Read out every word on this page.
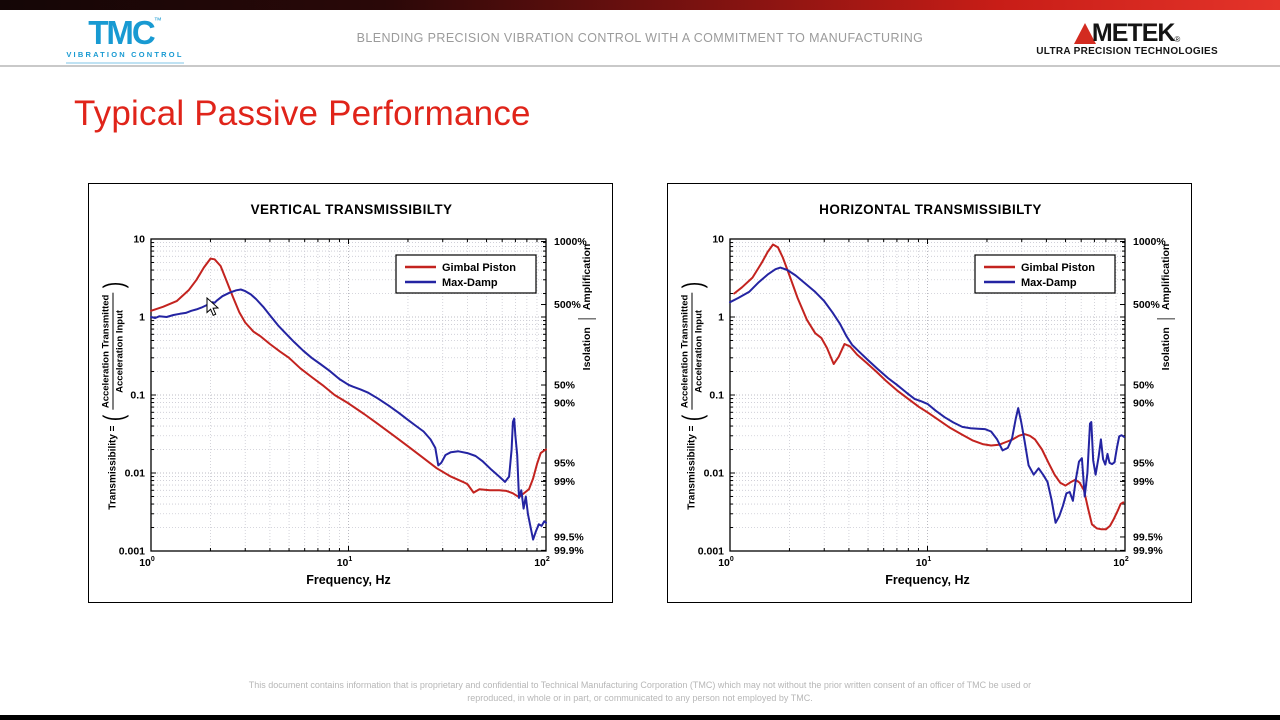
TMC™
VIBRATION CONTROL
BLENDING PRECISION VIBRATION CONTROL WITH A COMMITMENT TO MANUFACTURING	METEK ®
ULTRA PRECISION TECHNOLOGIES
Typical Passive Performance
VERTICAL TRANSMISSIBILTY
Transmissibility =
(
Acceleration Transmitted Acceleration Input
)
Isolation
Amplification
10
1
0.1
0.01
0.001
$10^0$	$10^1$	$10^2$
1000%
500%
50%
90%
95%
99%
99.5%
99.9%
Gimbal Piston
Max-Damp
Frequency, Hz
HORIZONTAL TRANSMISSIBILTY
Transmissibility =
(
Acceleration Transmitted Acceleration Input
)
Isolation
Amplification
10
1
0.1
0.01
0.001
$10^0$	$10^1$	$10^2$
1000%
500%
50%
90%
95%
99%
99.5%
99.9%
Gimbal Piston
Max-Damp
Frequency, Hz
This document contains information that is proprietary and confidential to Technical Manufacturing Corporation (TMC) which may not without the prior written consent of an officer of TMC be used or
reproduced, in whole or in part, or communicated to any person not employed by TMC.
